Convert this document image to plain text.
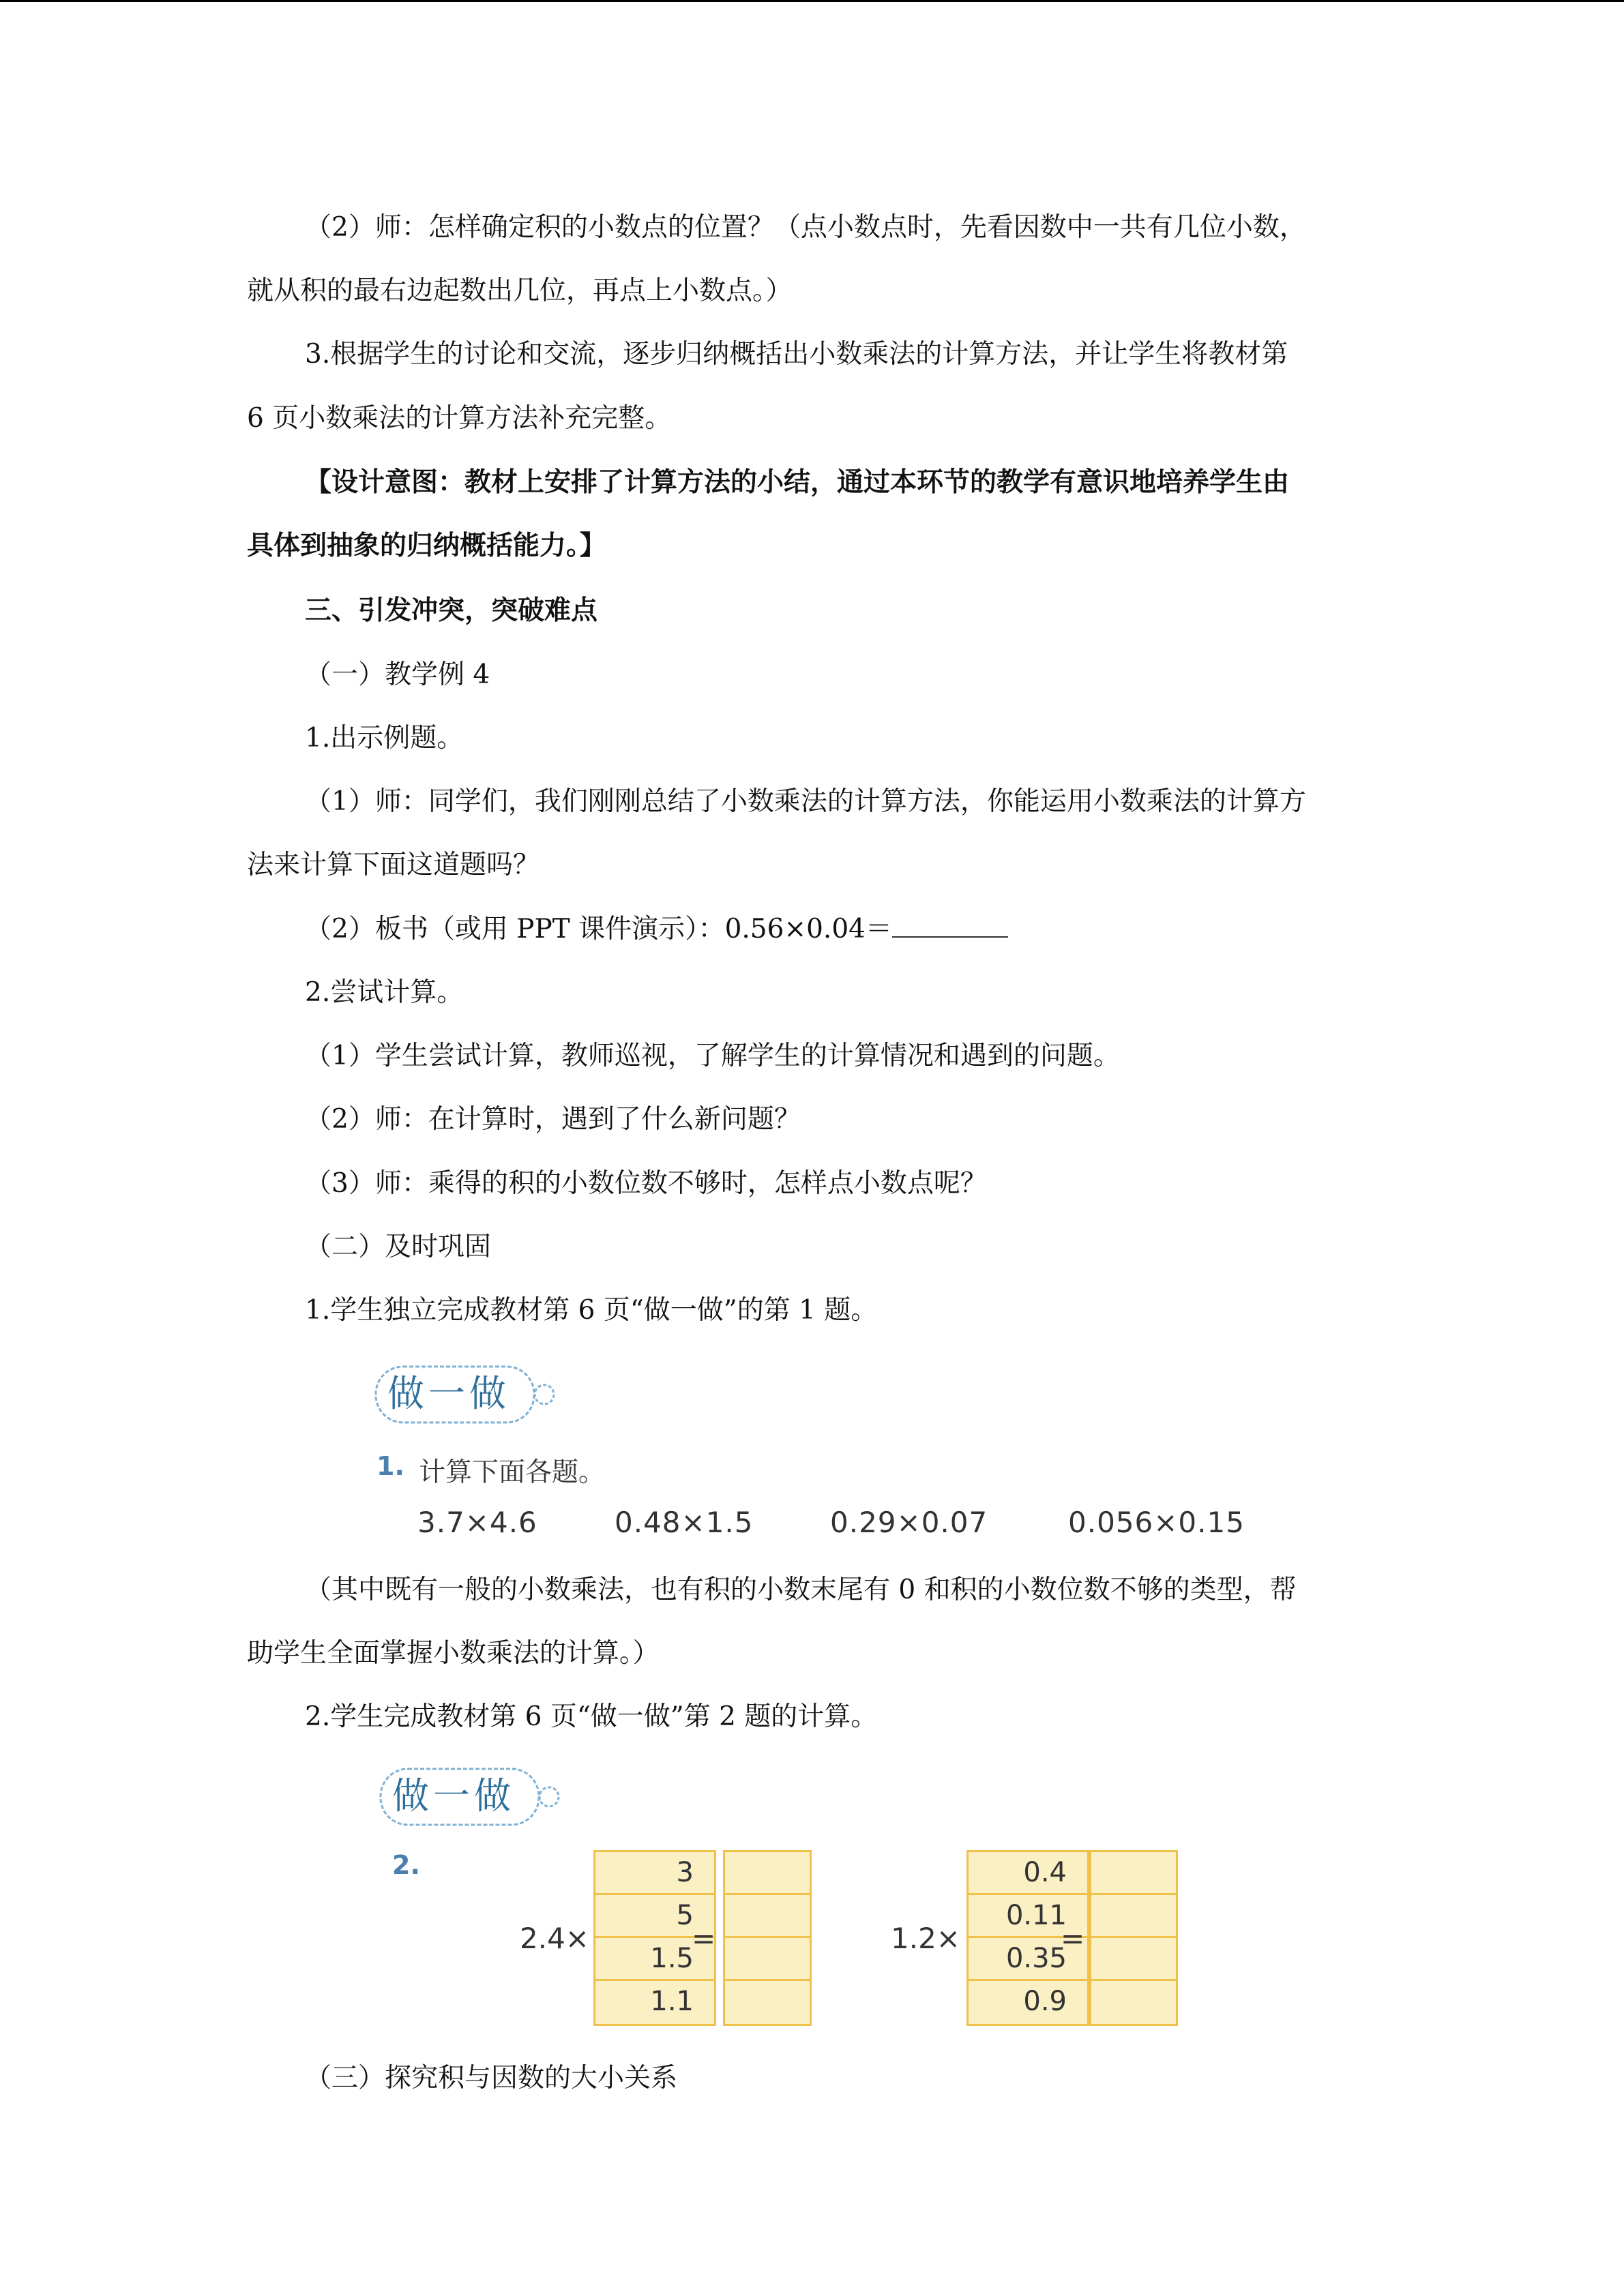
（2）师：怎样确定积的小数点的位置？（点小数点时，先看因数中一共有几位小数，
就从积的最右边起数出几位，再点上小数点。）
3.根据学生的讨论和交流，逐步归纳概括出小数乘法的计算方法，并让学生将教材第
6 页小数乘法的计算方法补充完整。
【设计意图：教材上安排了计算方法的小结，通过本环节的教学有意识地培养学生由
具体到抽象的归纳概括能力。】
三、引发冲突，突破难点
（一）教学例 4
1.出示例题。
（1）师：同学们，我们刚刚总结了小数乘法的计算方法，你能运用小数乘法的计算方
法来计算下面这道题吗？
（2）板书（或用 PPT 课件演示）：0.56×0.04＝
2.尝试计算。
（1）学生尝试计算，教师巡视，了解学生的计算情况和遇到的问题。
（2）师：在计算时，遇到了什么新问题？
（3）师：乘得的积的小数位数不够时，怎样点小数点呢？
（二）及时巩固
1.学生独立完成教材第 6 页“做一做”的第 1 题。
做一做
1. 计算下面各题。
3.7×4.6	0.48×1.5	0.29×0.07	0.056×0.15
（其中既有一般的小数乘法，也有积的小数末尾有 0 和积的小数位数不够的类型，帮
助学生全面掌握小数乘法的计算。）
2.学生完成教材第 6 页“做一做”第 2 题的计算。
做一做
2.
2.4×
3
5
1.5
1.1
=	1.2×
0.4
0.11
0.35
0.9
=
（三）探究积与因数的大小关系
